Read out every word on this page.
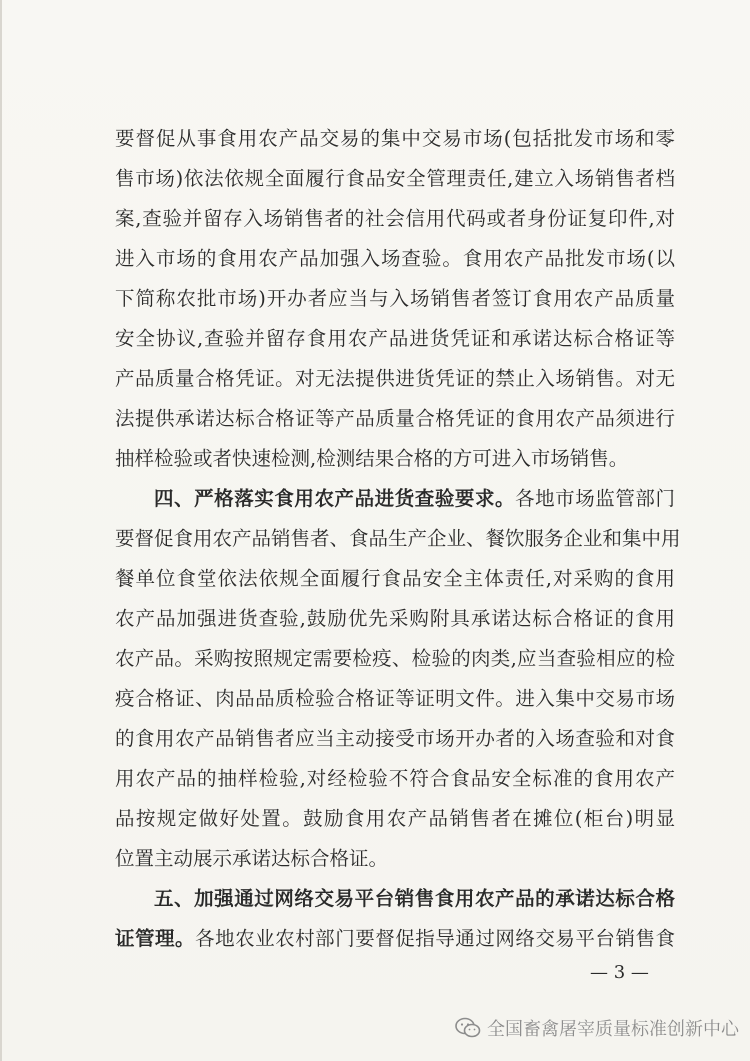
要督促从事食用农产品交易的集中交易市场(包括批发市场和零
售市场)依法依规全面履行食品安全管理责任,建立入场销售者档
案,查验并留存入场销售者的社会信用代码或者身份证复印件,对
进入市场的食用农产品加强入场查验。食用农产品批发市场(以
下简称农批市场)开办者应当与入场销售者签订食用农产品质量
安全协议,查验并留存食用农产品进货凭证和承诺达标合格证等
产品质量合格凭证。对无法提供进货凭证的禁止入场销售。对无
法提供承诺达标合格证等产品质量合格凭证的食用农产品须进行
抽样检验或者快速检测,检测结果合格的方可进入市场销售。
四、严格落实食用农产品进货查验要求。各地市场监管部门
要督促食用农产品销售者、食品生产企业、餐饮服务企业和集中用
餐单位食堂依法依规全面履行食品安全主体责任,对采购的食用
农产品加强进货查验,鼓励优先采购附具承诺达标合格证的食用
农产品。采购按照规定需要检疫、检验的肉类,应当查验相应的检
疫合格证、肉品品质检验合格证等证明文件。进入集中交易市场
的食用农产品销售者应当主动接受市场开办者的入场查验和对食
用农产品的抽样检验,对经检验不符合食品安全标准的食用农产
品按规定做好处置。鼓励食用农产品销售者在摊位(柜台)明显
位置主动展示承诺达标合格证。
五、加强通过网络交易平台销售食用农产品的承诺达标合格
证管理。各地农业农村部门要督促指导通过网络交易平台销售食
— 3 —
全国畜禽屠宰质量标准创新中心
